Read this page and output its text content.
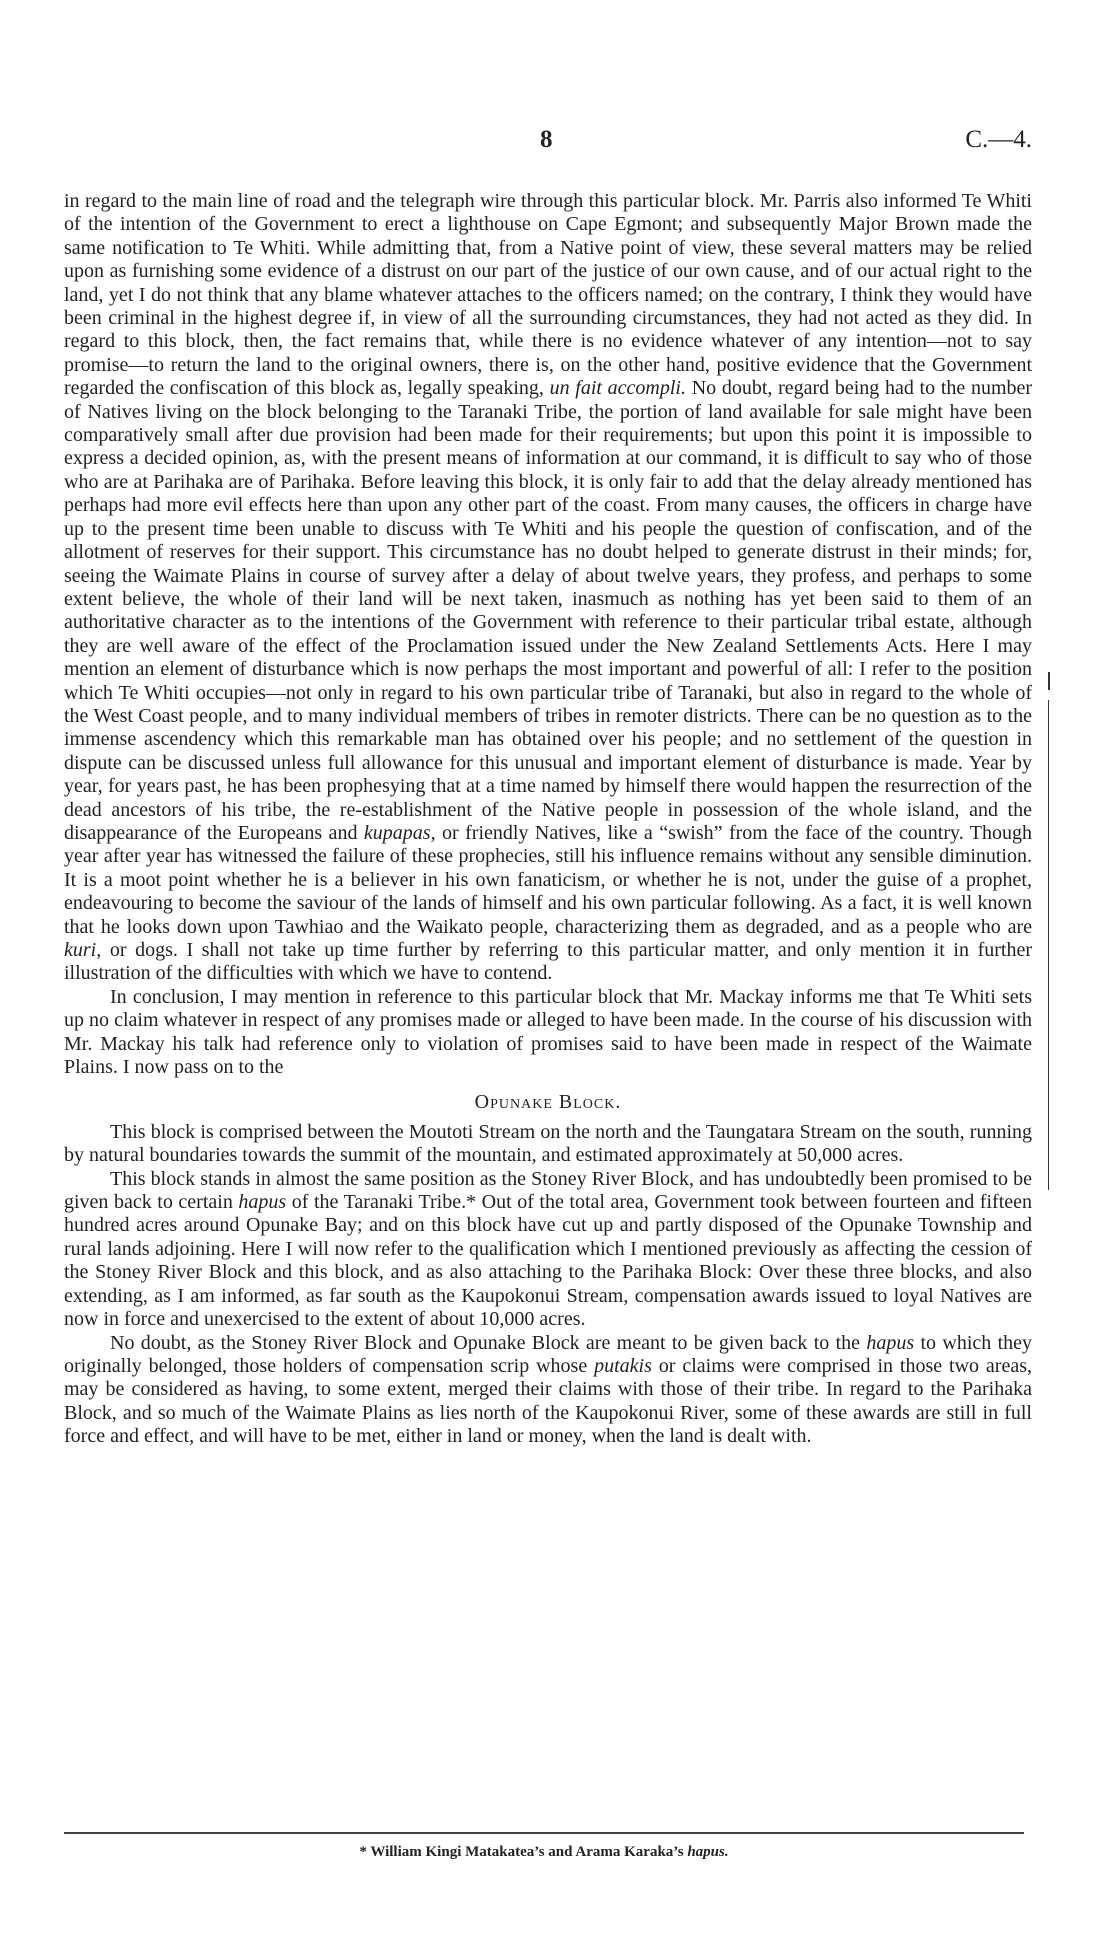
8	C.—4.

in regard to the main line of road and the telegraph wire through this particular block. Mr. Parris also informed Te Whiti of the intention of the Government to erect a lighthouse on Cape Egmont; and subsequently Major Brown made the same notification to Te Whiti. While admitting that, from a Native point of view, these several matters may be relied upon as furnishing some evidence of a distrust on our part of the justice of our own cause, and of our actual right to the land, yet I do not think that any blame whatever attaches to the officers named; on the contrary, I think they would have been criminal in the highest degree if, in view of all the surrounding circumstances, they had not acted as they did. In regard to this block, then, the fact remains that, while there is no evidence whatever of any intention—not to say promise—to return the land to the original owners, there is, on the other hand, positive evidence that the Government regarded the confiscation of this block as, legally speaking, un fait accompli. No doubt, regard being had to the number of Natives living on the block belonging to the Taranaki Tribe, the portion of land available for sale might have been comparatively small after due provision had been made for their requirements; but upon this point it is impossible to express a decided opinion, as, with the present means of information at our command, it is difficult to say who of those who are at Parihaka are of Parihaka. Before leaving this block, it is only fair to add that the delay already mentioned has perhaps had more evil effects here than upon any other part of the coast. From many causes, the officers in charge have up to the present time been unable to discuss with Te Whiti and his people the question of confiscation, and of the allotment of reserves for their support. This circumstance has no doubt helped to generate distrust in their minds; for, seeing the Waimate Plains in course of survey after a delay of about twelve years, they profess, and perhaps to some extent believe, the whole of their land will be next taken, inasmuch as nothing has yet been said to them of an authoritative character as to the intentions of the Government with reference to their particular tribal estate, although they are well aware of the effect of the Proclamation issued under the New Zealand Settlements Acts. Here I may mention an element of disturbance which is now perhaps the most important and powerful of all: I refer to the position which Te Whiti occupies—not only in regard to his own particular tribe of Taranaki, but also in regard to the whole of the West Coast people, and to many individual members of tribes in remoter districts. There can be no question as to the immense ascendency which this remarkable man has obtained over his people; and no settlement of the question in dispute can be discussed unless full allowance for this unusual and important element of disturbance is made. Year by year, for years past, he has been prophesying that at a time named by himself there would happen the resurrection of the dead ancestors of his tribe, the re-establishment of the Native people in possession of the whole island, and the disappearance of the Europeans and kupapas, or friendly Natives, like a “swish” from the face of the country. Though year after year has witnessed the failure of these prophecies, still his influence remains without any sensible diminution. It is a moot point whether he is a believer in his own fanaticism, or whether he is not, under the guise of a prophet, endeavouring to become the saviour of the lands of himself and his own particular following. As a fact, it is well known that he looks down upon Tawhiao and the Waikato people, characterizing them as degraded, and as a people who are kuri, or dogs. I shall not take up time further by referring to this particular matter, and only mention it in further illustration of the difficulties with which we have to contend.

In conclusion, I may mention in reference to this particular block that Mr. Mackay informs me that Te Whiti sets up no claim whatever in respect of any promises made or alleged to have been made. In the course of his discussion with Mr. Mackay his talk had reference only to violation of promises said to have been made in respect of the Waimate Plains. I now pass on to the

Opunake Block.

This block is comprised between the Moutoti Stream on the north and the Taungatara Stream on the south, running by natural boundaries towards the summit of the mountain, and estimated approximately at 50,000 acres.

This block stands in almost the same position as the Stoney River Block, and has undoubtedly been promised to be given back to certain hapus of the Taranaki Tribe.* Out of the total area, Government took between fourteen and fifteen hundred acres around Opunake Bay; and on this block have cut up and partly disposed of the Opunake Township and rural lands adjoining. Here I will now refer to the qualification which I mentioned previously as affecting the cession of the Stoney River Block and this block, and as also attaching to the Parihaka Block: Over these three blocks, and also extending, as I am informed, as far south as the Kaupokonui Stream, compensation awards issued to loyal Natives are now in force and unexercised to the extent of about 10,000 acres.

No doubt, as the Stoney River Block and Opunake Block are meant to be given back to the hapus to which they originally belonged, those holders of compensation scrip whose putakis or claims were comprised in those two areas, may be considered as having, to some extent, merged their claims with those of their tribe. In regard to the Parihaka Block, and so much of the Waimate Plains as lies north of the Kaupokonui River, some of these awards are still in full force and effect, and will have to be met, either in land or money, when the land is dealt with.

* William Kingi Matakatea’s and Arama Karaka’s hapus.
